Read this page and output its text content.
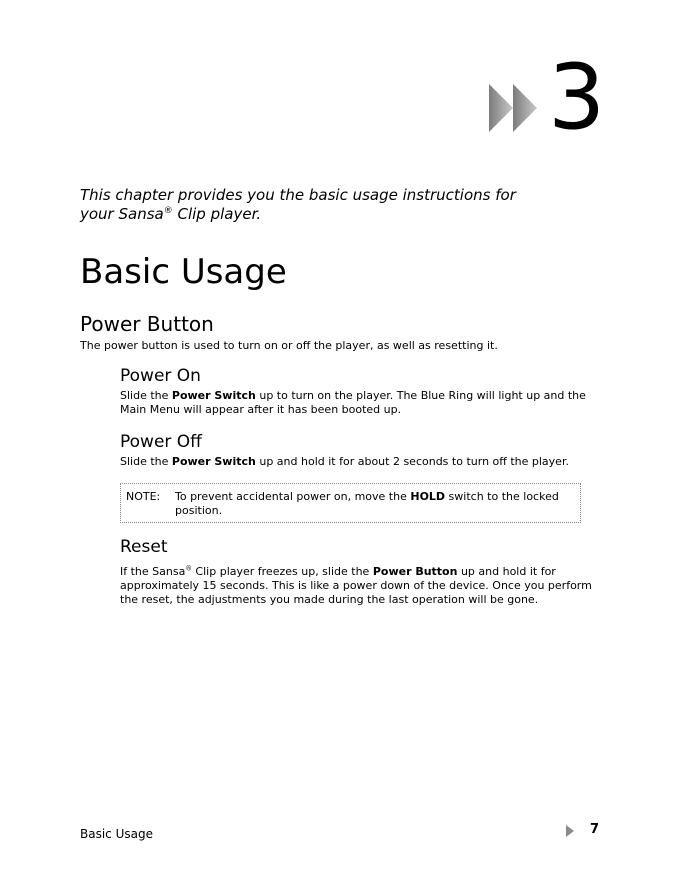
3

This chapter provides you the basic usage instructions for your Sansa® Clip player.

Basic Usage
Power Button

The power button is used to turn on or off the player, as well as resetting it.

Power On

Slide the Power Switch up to turn on the player. The Blue Ring will light up and the Main Menu will appear after it has been booted up.

Power Off

Slide the Power Switch up and hold it for about 2 seconds to turn off the player.

NOTE: To prevent accidental power on, move the HOLD switch to the locked position.
Reset

If the Sansa® Clip player freezes up, slide the Power Button up and hold it for approximately 15 seconds. This is like a power down of the device. Once you perform the reset, the adjustments you made during the last operation will be gone.

Basic Usage	7
